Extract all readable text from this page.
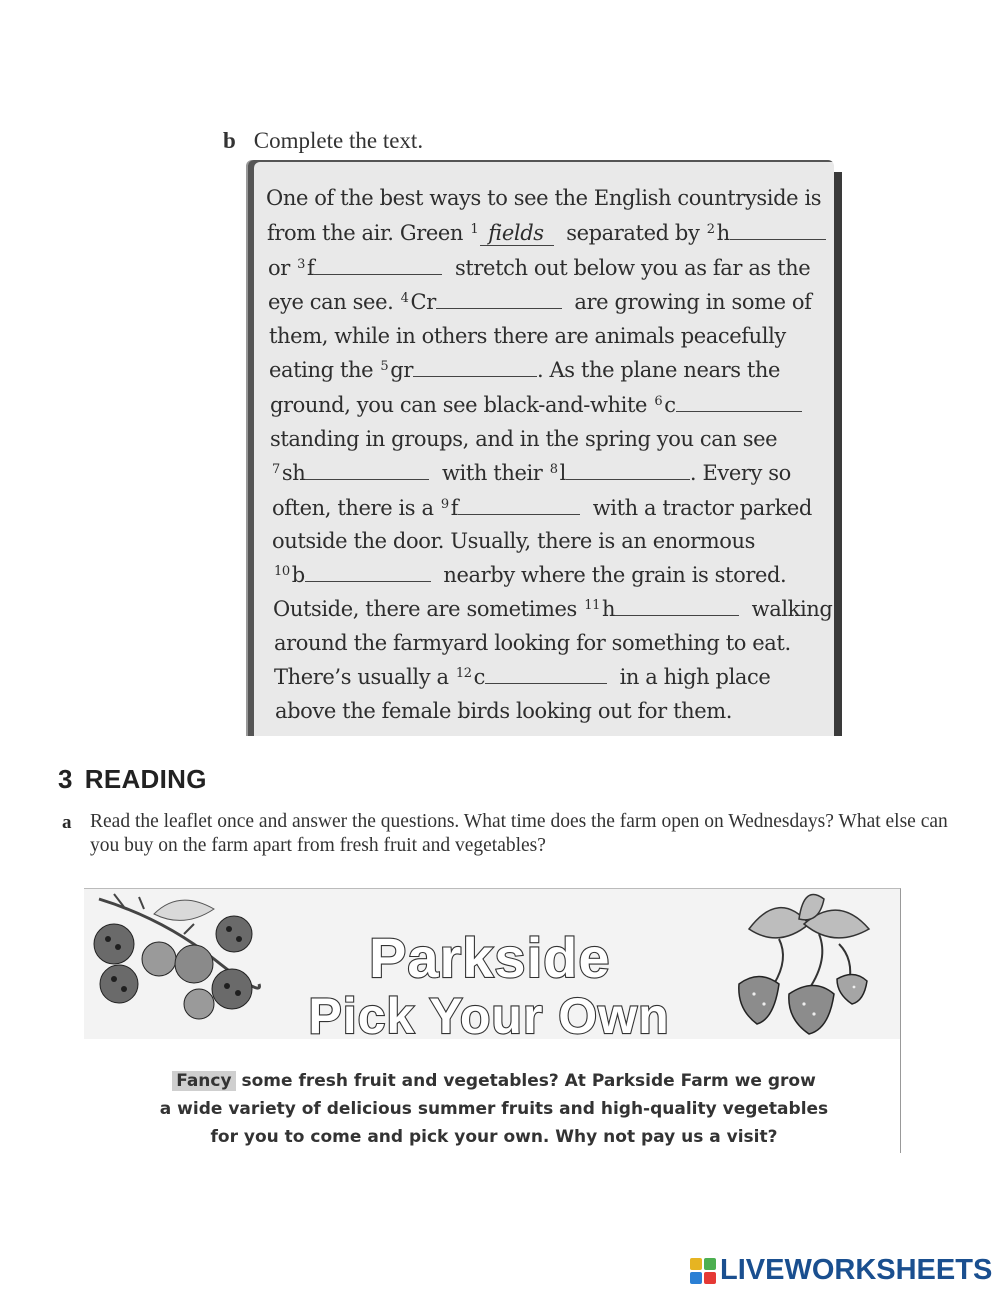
b Complete the text.
One of the best ways to see the English countryside is
from the air. Green $^1$ fields separated by $^2$h
or $^3$f	stretch out below you as far as the
eye can see. $^4$Cr	are growing in some of
them, while in others there are animals peacefully
eating the $^5$gr	. As the plane nears the
ground, you can see black-and-white $^6$c
standing in groups, and in the spring you can see
$^7$sh	with their $^8$l	. Every so
often, there is a $^9$f	with a tractor parked
outside the door. Usually, there is an enormous
$^{10}$b	nearby where the grain is stored.
Outside, there are sometimes $^{11}$h	walking
around the farmyard looking for something to eat.
There’s usually a $^{12}$c	in a high place
above the female birds looking out for them.
3 READING
a Read the leaflet once and answer the questions. What time does the farm open on Wednesdays? What else can you buy on the farm apart from fresh fruit and vegetables?
Parkside
Pick Your Own
Fancy some fresh fruit and vegetables? At Parkside Farm we grow
a wide variety of delicious summer fruits and high-quality vegetables
for you to come and pick your own. Why not pay us a visit?
LIVEWORKSHEETS
